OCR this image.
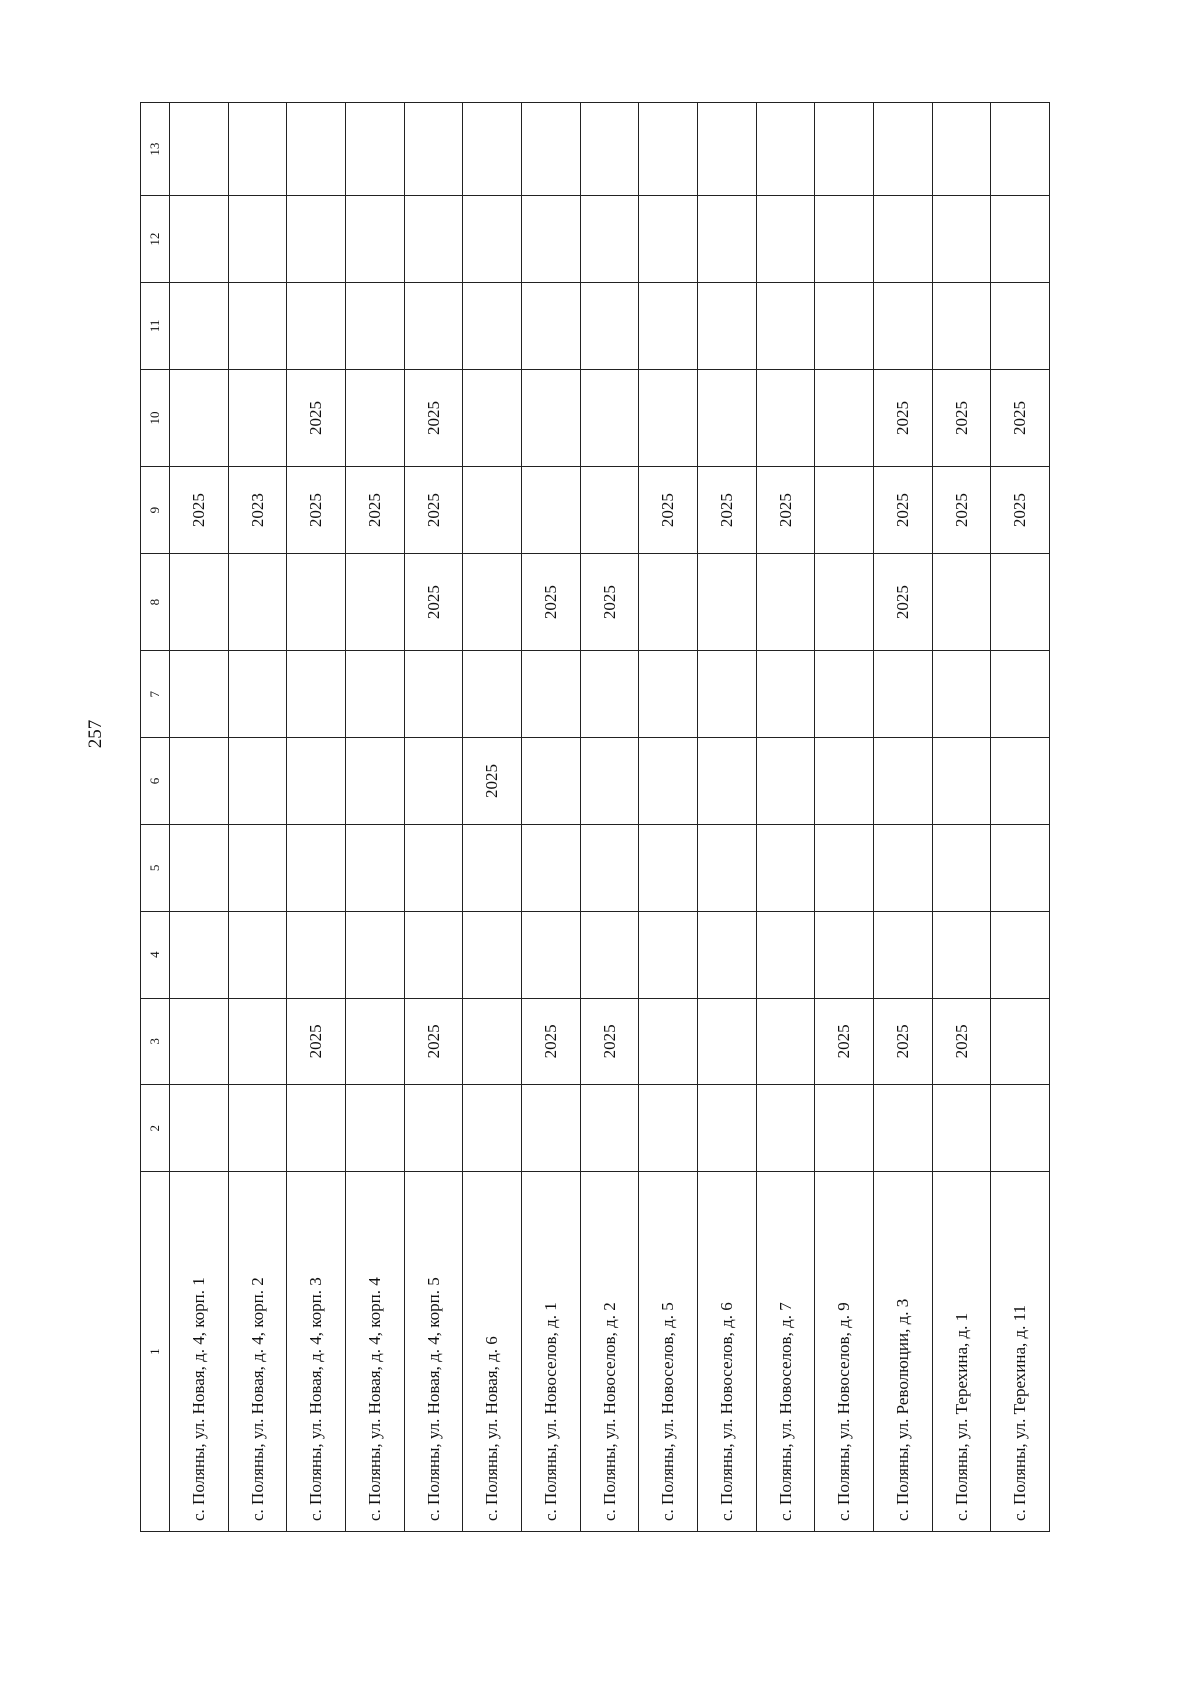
257
1	2	3	4	5	6	7	8	9	10	11	12	13
с. Поляны, ул. Новая, д. 4, корп. 1								2025				
с. Поляны, ул. Новая, д. 4, корп. 2								2023				
с. Поляны, ул. Новая, д. 4, корп. 3		2025						2025	2025			
с. Поляны, ул. Новая, д. 4, корп. 4								2025				
с. Поляны, ул. Новая, д. 4, корп. 5		2025					2025	2025	2025			
с. Поляны, ул. Новая, д. 6					2025							
с. Поляны, ул. Новоселов, д. 1		2025					2025					
с. Поляны, ул. Новоселов, д. 2		2025					2025					
с. Поляны, ул. Новоселов, д. 5								2025				
с. Поляны, ул. Новоселов, д. 6								2025				
с. Поляны, ул. Новоселов, д. 7								2025				
с. Поляны, ул. Новоселов, д. 9		2025										
с. Поляны, ул. Революции, д. 3		2025					2025	2025	2025			
с. Поляны, ул. Терехина, д. 1		2025						2025	2025			
с. Поляны, ул. Терехина, д. 11								2025	2025			
